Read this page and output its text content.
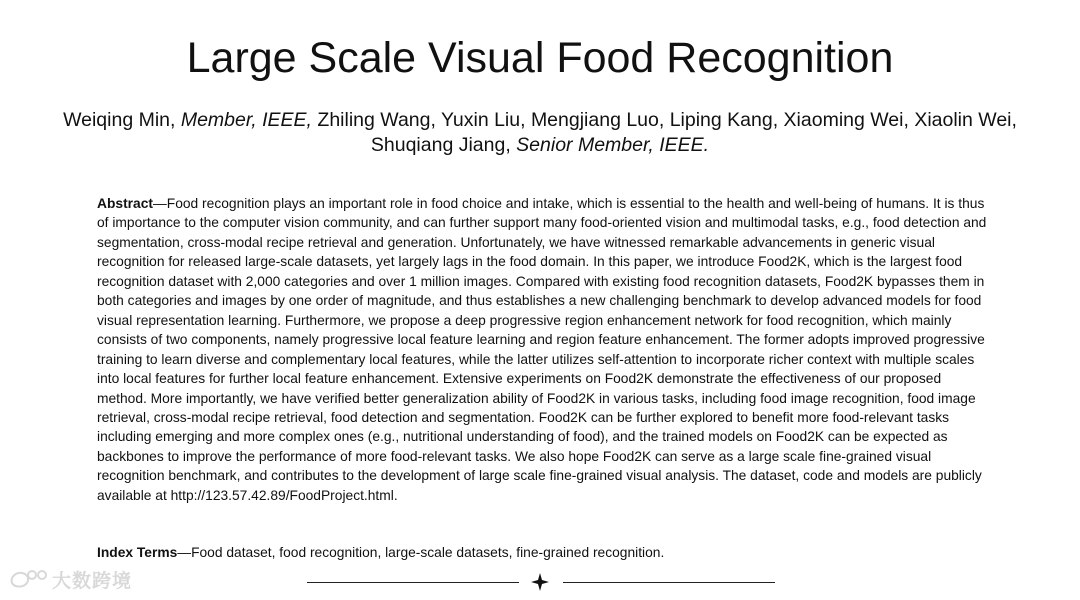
Large Scale Visual Food Recognition
Weiqing Min, Member, IEEE, Zhiling Wang, Yuxin Liu, Mengjiang Luo, Liping Kang, Xiaoming Wei, Xiaolin Wei, Shuqiang Jiang, Senior Member, IEEE.

Abstract—Food recognition plays an important role in food choice and intake, which is essential to the health and well-being of humans. It is thus of importance to the computer vision community, and can further support many food-oriented vision and multimodal tasks, e.g., food detection and segmentation, cross-modal recipe retrieval and generation. Unfortunately, we have witnessed remarkable advancements in generic visual recognition for released large-scale datasets, yet largely lags in the food domain. In this paper, we introduce Food2K, which is the largest food recognition dataset with 2,000 categories and over 1 million images. Compared with existing food recognition datasets, Food2K bypasses them in both categories and images by one order of magnitude, and thus establishes a new challenging benchmark to develop advanced models for food visual representation learning. Furthermore, we propose a deep progressive region enhancement network for food recognition, which mainly consists of two components, namely progressive local feature learning and region feature enhancement. The former adopts improved progressive training to learn diverse and complementary local features, while the latter utilizes self-attention to incorporate richer context with multiple scales into local features for further local feature enhancement. Extensive experiments on Food2K demonstrate the effectiveness of our proposed method. More importantly, we have verified better generalization ability of Food2K in various tasks, including food image recognition, food image retrieval, cross-modal recipe retrieval, food detection and segmentation. Food2K can be further explored to benefit more food-relevant tasks including emerging and more complex ones (e.g., nutritional understanding of food), and the trained models on Food2K can be expected as backbones to improve the performance of more food-relevant tasks. We also hope Food2K can serve as a large scale fine-grained visual recognition benchmark, and contributes to the development of large scale fine-grained visual analysis. The dataset, code and models are publicly available at http://123.57.42.89/FoodProject.html.

Index Terms—Food dataset, food recognition, large-scale datasets, fine-grained recognition.

大数跨境
